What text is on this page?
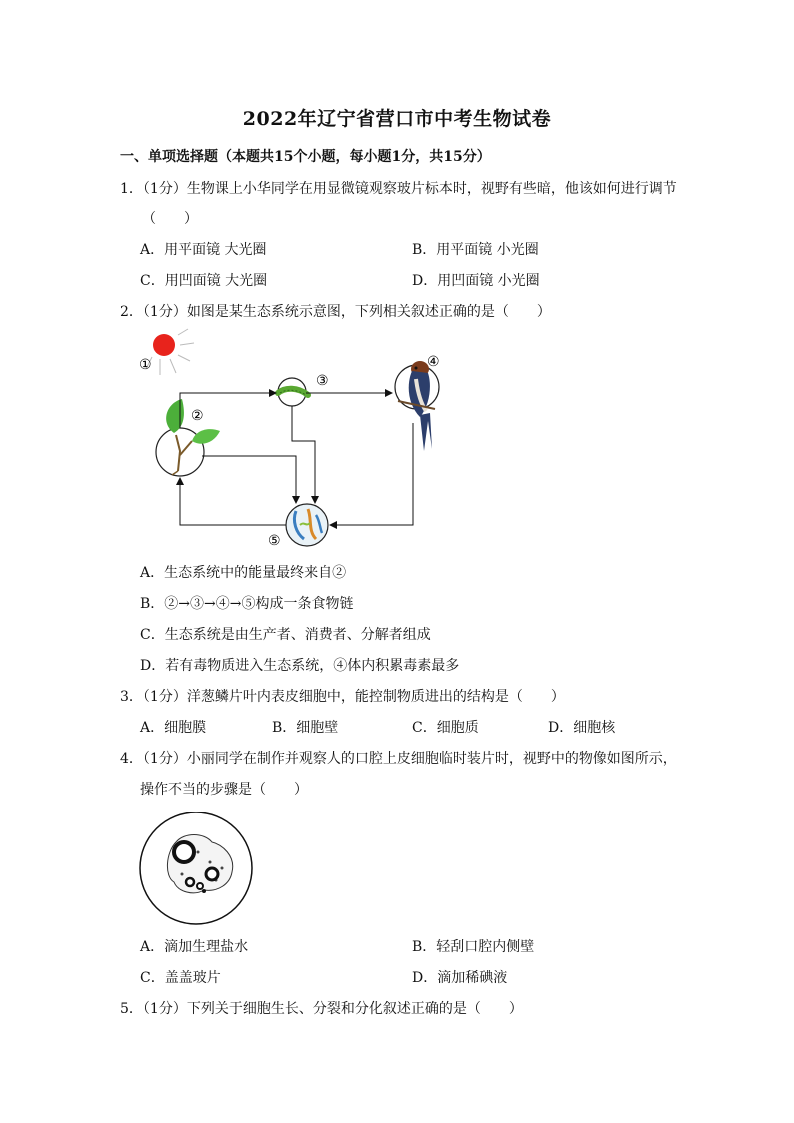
2022年辽宁省营口市中考生物试卷
一、单项选择题（本题共15个小题，每小题1分，共15分）
1．（1分）生物课上小华同学在用显微镜观察玻片标本时，视野有些暗，他该如何进行调节
（　　）
A．用平面镜 大光圈	B．用平面镜 小光圈
C．用凹面镜 大光圈	D．用凹面镜 小光圈
2．（1分）如图是某生态系统示意图，下列相关叙述正确的是（　　）
①
②
③
④
⑤
A．生态系统中的能量最终来自②
B．②→③→④→⑤构成一条食物链
C．生态系统是由生产者、消费者、分解者组成
D．若有毒物质进入生态系统，④体内积累毒素最多
3．（1分）洋葱鳞片叶内表皮细胞中，能控制物质进出的结构是（　　）
A．细胞膜	B．细胞壁	C．细胞质	D．细胞核
4．（1分）小丽同学在制作并观察人的口腔上皮细胞临时装片时，视野中的物像如图所示，
操作不当的步骤是（　　）
A．滴加生理盐水	B．轻刮口腔内侧壁
C．盖盖玻片	D．滴加稀碘液
5．（1分）下列关于细胞生长、分裂和分化叙述正确的是（　　）
